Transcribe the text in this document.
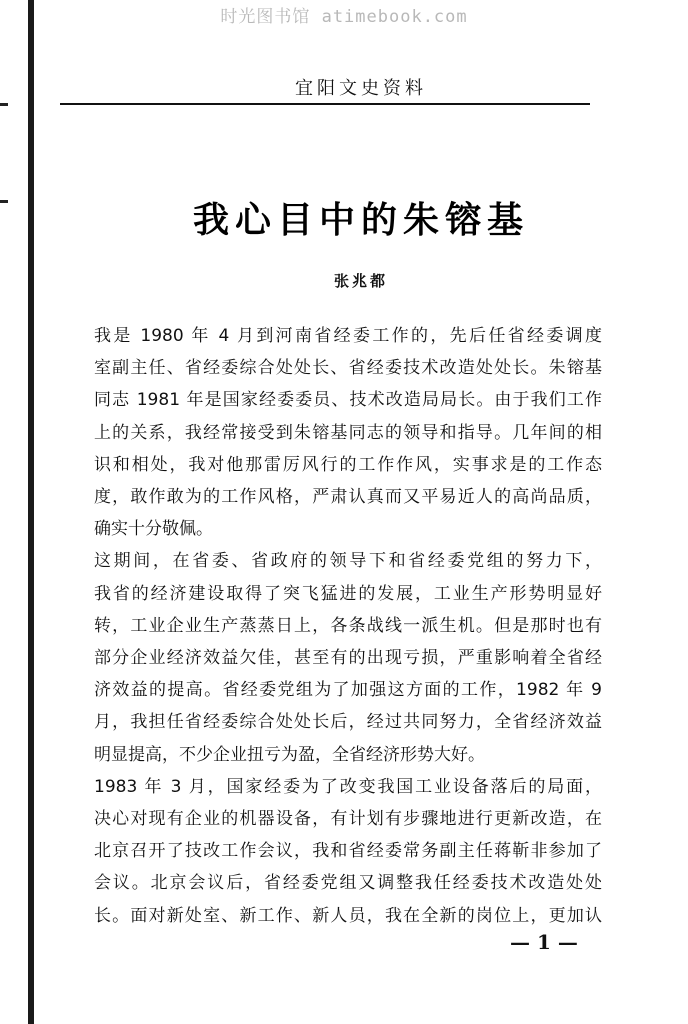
时光图书馆 atimebook.com
宜阳文史资料
我心目中的朱镕基
张兆都

我是 1980 年 4 月到河南省经委工作的，先后任省经委调度
室副主任、省经委综合处处长、省经委技术改造处处长。朱镕基
同志 1981 年是国家经委委员、技术改造局局长。由于我们工作
上的关系，我经常接受到朱镕基同志的领导和指导。几年间的相
识和相处，我对他那雷厉风行的工作作风，实事求是的工作态
度，敢作敢为的工作风格，严肃认真而又平易近人的高尚品质，
确实十分敬佩。

这期间，在省委、省政府的领导下和省经委党组的努力下，
我省的经济建设取得了突飞猛进的发展，工业生产形势明显好
转，工业企业生产蒸蒸日上，各条战线一派生机。但是那时也有
部分企业经济效益欠佳，甚至有的出现亏损，严重影响着全省经
济效益的提高。省经委党组为了加强这方面的工作，1982 年 9
月，我担任省经委综合处处长后，经过共同努力，全省经济效益
明显提高，不少企业扭亏为盈，全省经济形势大好。

1983 年 3 月，国家经委为了改变我国工业设备落后的局面，
决心对现有企业的机器设备，有计划有步骤地进行更新改造，在
北京召开了技改工作会议，我和省经委常务副主任蒋靳非参加了
会议。北京会议后，省经委党组又调整我任经委技术改造处处
长。面对新处室、新工作、新人员，我在全新的岗位上，更加认

— 1 —
